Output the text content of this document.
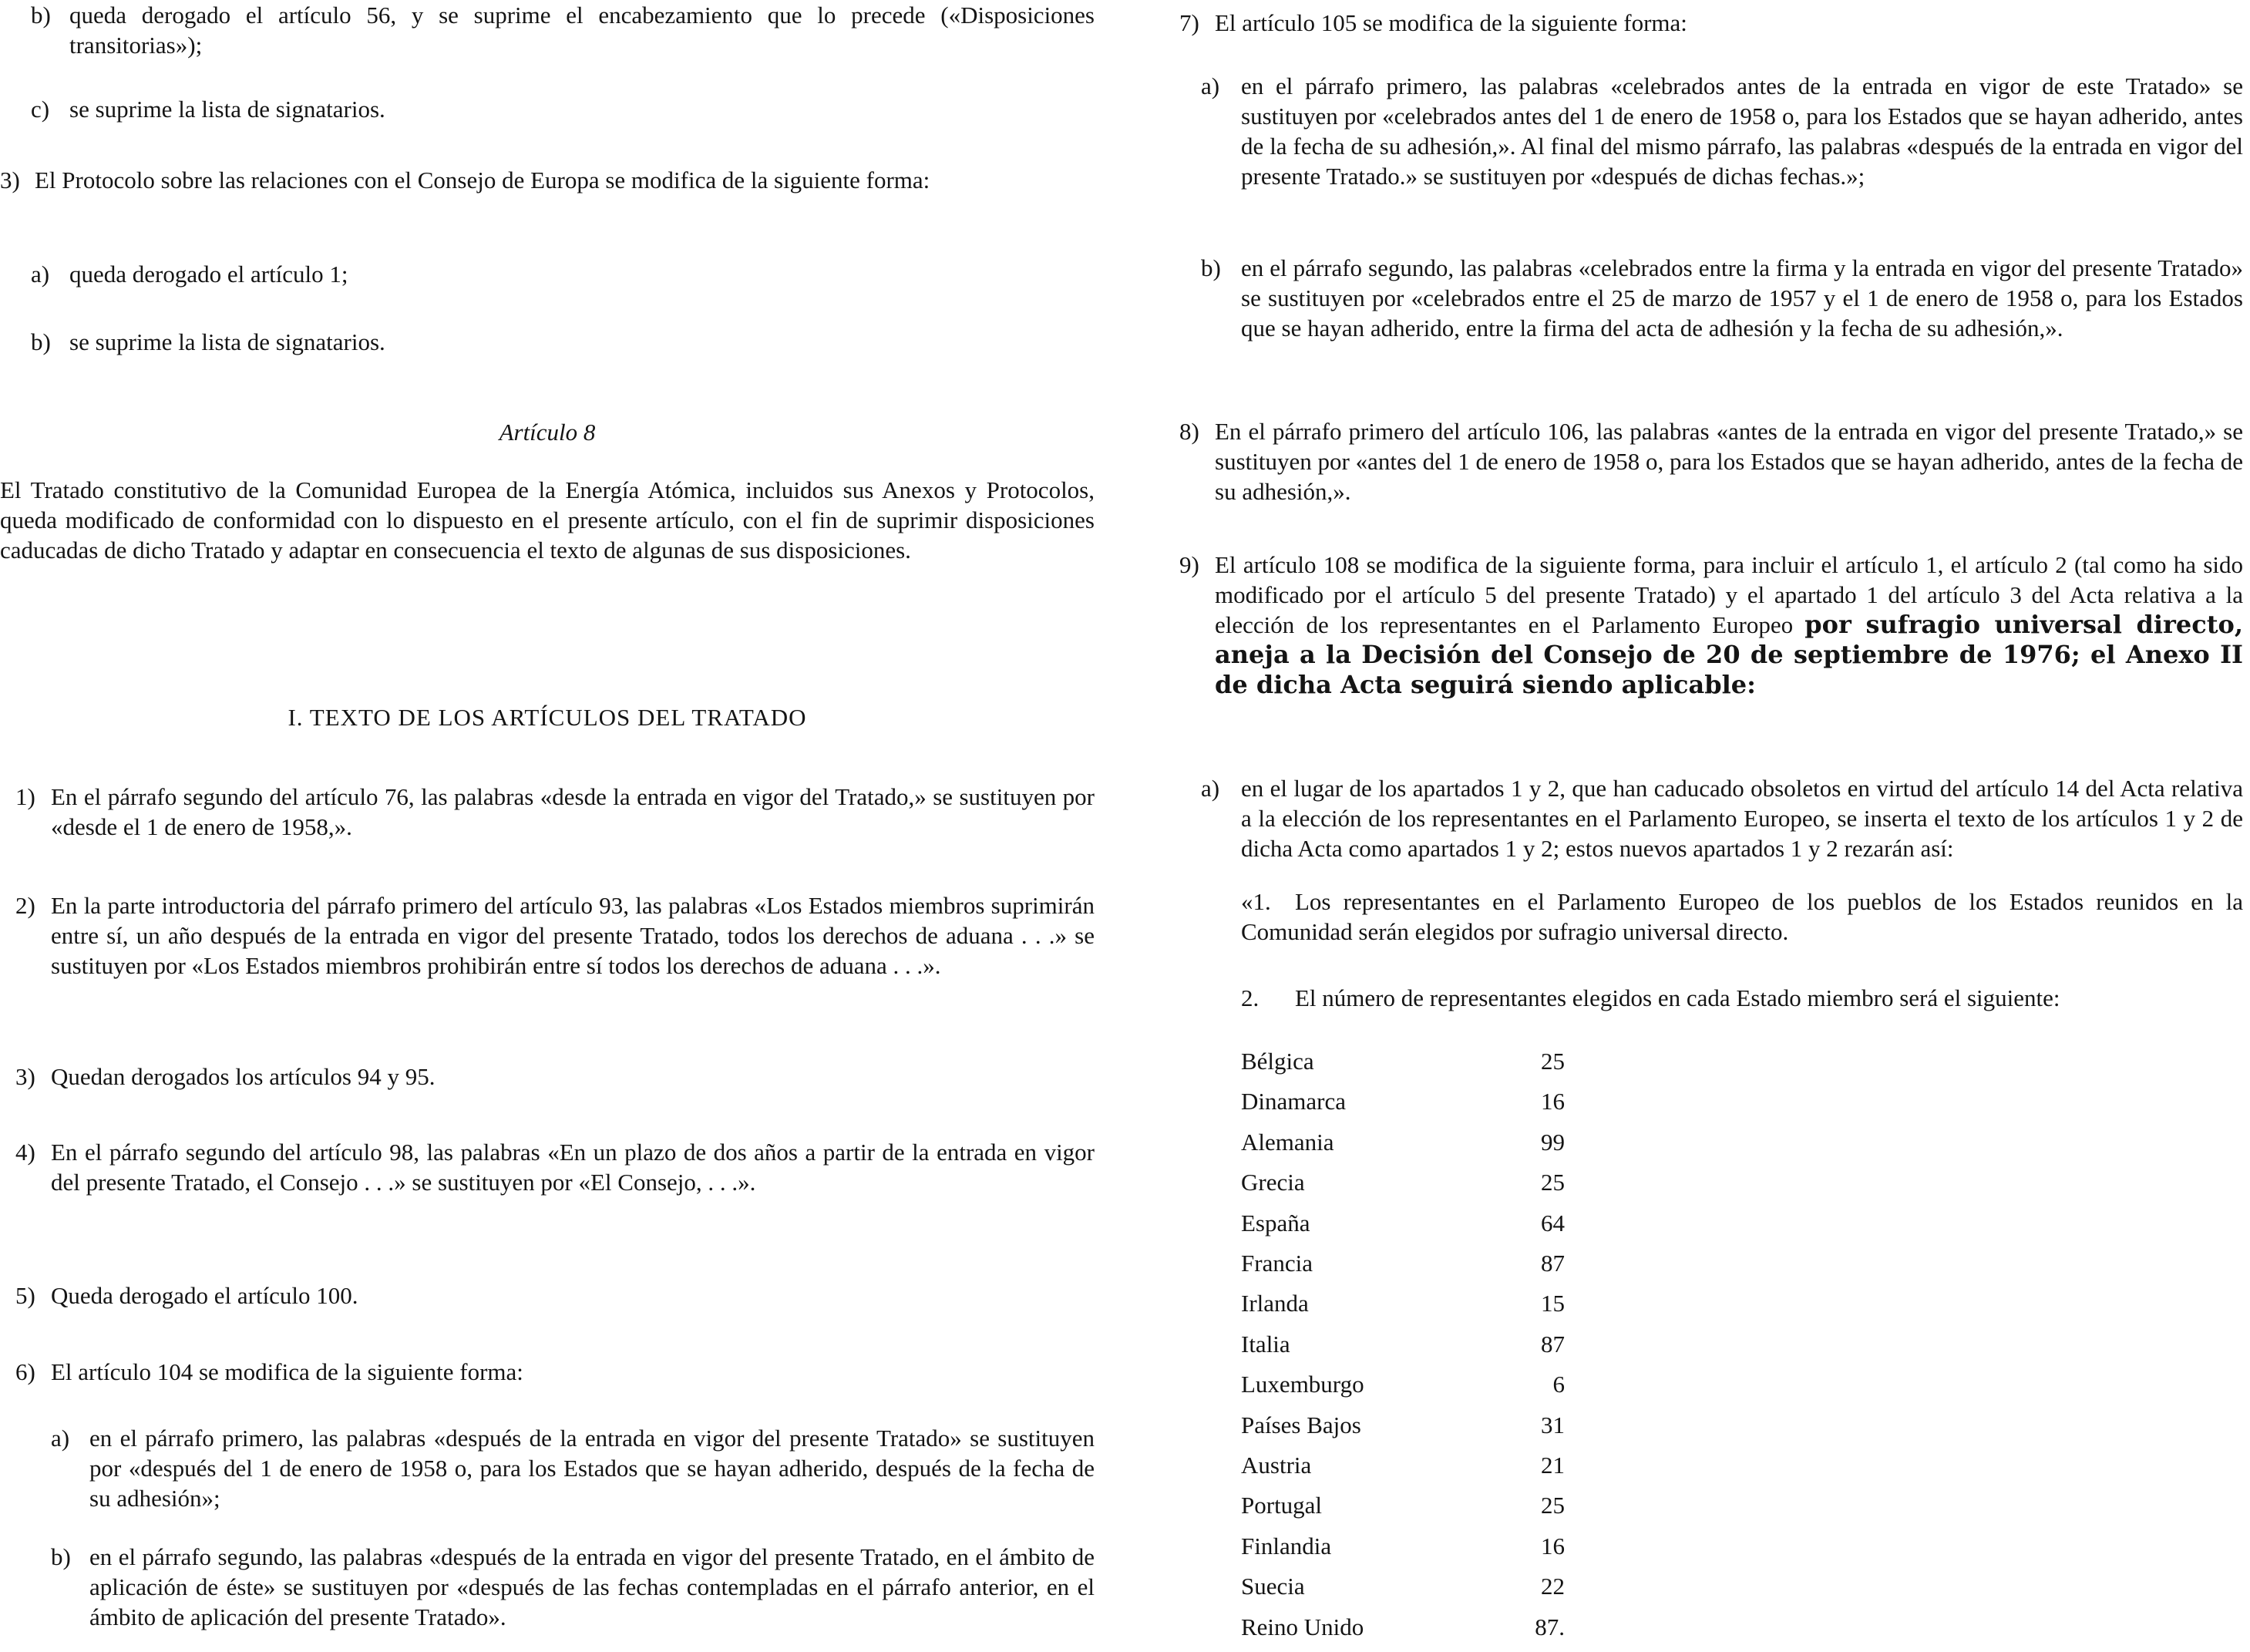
b) queda derogado el artículo 56, y se suprime el encabezamiento que lo precede («Disposiciones transitorias»);
c) se suprime la lista de signatarios.
3) El Protocolo sobre las relaciones con el Consejo de Europa se modifica de la siguiente forma:
a) queda derogado el artículo 1;
b) se suprime la lista de signatarios.
Artículo 8
El Tratado constitutivo de la Comunidad Europea de la Energía Atómica, incluidos sus Anexos y Protocolos, queda modificado de conformidad con lo dispuesto en el presente artículo, con el fin de suprimir disposiciones caducadas de dicho Tratado y adaptar en consecuencia el texto de algunas de sus disposiciones.
I. TEXTO DE LOS ARTÍCULOS DEL TRATADO
1) En el párrafo segundo del artículo 76, las palabras «desde la entrada en vigor del Tratado,» se sustituyen por «desde el 1 de enero de 1958,».
2) En la parte introductoria del párrafo primero del artículo 93, las palabras «Los Estados miembros suprimirán entre sí, un año después de la entrada en vigor del presente Tratado, todos los derechos de aduana . . .» se sustituyen por «Los Estados miembros prohibirán entre sí todos los derechos de aduana . . .».
3) Quedan derogados los artículos 94 y 95.
4) En el párrafo segundo del artículo 98, las palabras «En un plazo de dos años a partir de la entrada en vigor del presente Tratado, el Consejo . . .» se sustituyen por «El Consejo, . . .».
5) Queda derogado el artículo 100.
6) El artículo 104 se modifica de la siguiente forma:
a) en el párrafo primero, las palabras «después de la entrada en vigor del presente Tratado» se sustituyen por «después del 1 de enero de 1958 o, para los Estados que se hayan adherido, después de la fecha de su adhesión»;
b) en el párrafo segundo, las palabras «después de la entrada en vigor del presente Tratado, en el ámbito de aplicación de éste» se sustituyen por «después de las fechas contempladas en el párrafo anterior, en el ámbito de aplicación del presente Tratado».
7) El artículo 105 se modifica de la siguiente forma:
a) en el párrafo primero, las palabras «celebrados antes de la entrada en vigor de este Tratado» se sustituyen por «celebrados antes del 1 de enero de 1958 o, para los Estados que se hayan adherido, antes de la fecha de su adhesión,». Al final del mismo párrafo, las palabras «después de la entrada en vigor del presente Tratado.» se sustituyen por «después de dichas fechas.»;
b) en el párrafo segundo, las palabras «celebrados entre la firma y la entrada en vigor del presente Tratado» se sustituyen por «celebrados entre el 25 de marzo de 1957 y el 1 de enero de 1958 o, para los Estados que se hayan adherido, entre la firma del acta de adhesión y la fecha de su adhesión,».
8) En el párrafo primero del artículo 106, las palabras «antes de la entrada en vigor del presente Tratado,» se sustituyen por «antes del 1 de enero de 1958 o, para los Estados que se hayan adherido, antes de la fecha de su adhesión,».
9) El artículo 108 se modifica de la siguiente forma, para incluir el artículo 1, el artículo 2 (tal como ha sido modificado por el artículo 5 del presente Tratado) y el apartado 1 del artículo 3 del Acta relativa a la elección de los representantes en el Parlamento Europeo por sufragio universal directo, aneja a la Decisión del Consejo de 20 de septiembre de 1976; el Anexo II de dicha Acta seguirá siendo aplicable:
a) en el lugar de los apartados 1 y 2, que han caducado obsoletos en virtud del artículo 14 del Acta relativa a la elección de los representantes en el Parlamento Europeo, se inserta el texto de los artículos 1 y 2 de dicha Acta como apartados 1 y 2; estos nuevos apartados 1 y 2 rezarán así:
«1.	Los representantes en el Parlamento Europeo de los pueblos de los Estados reunidos en la Comunidad serán elegidos por sufragio universal directo.
2. El número de representantes elegidos en cada Estado miembro será el siguiente:
Bélgica	25
Dinamarca	16
Alemania	99
Grecia	25
España	64
Francia	87
Irlanda	15
Italia	87
Luxemburgo	6
Países Bajos	31
Austria	21
Portugal	25
Finlandia	16
Suecia	22
Reino Unido	87.
